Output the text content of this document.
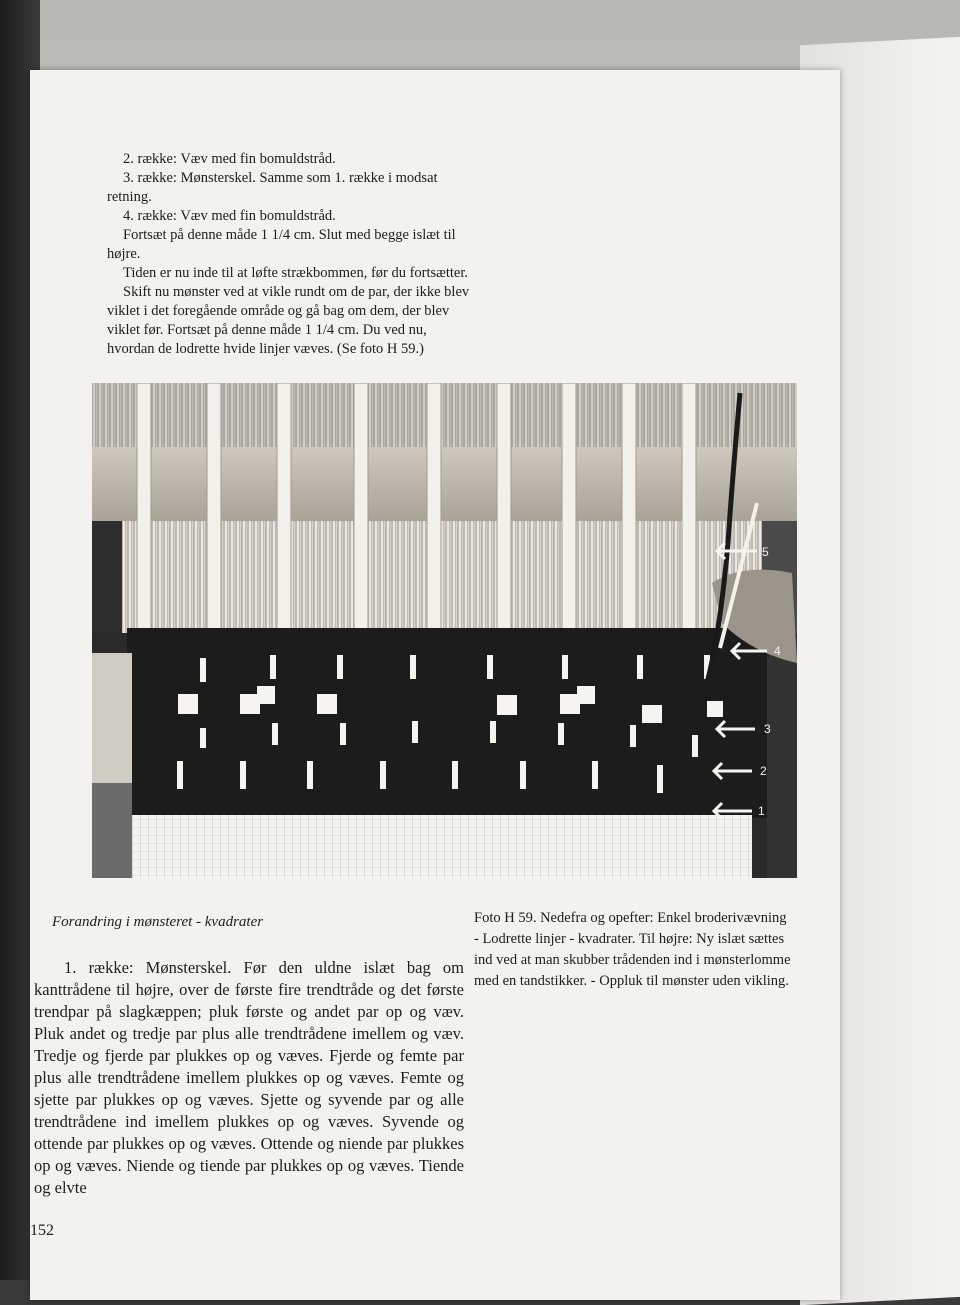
2. række: Væv med fin bomuldstråd.

3. række: Mønsterskel. Samme som 1. række i modsat retning.

4. række: Væv med fin bomuldstråd.

Fortsæt på denne måde 1 1/4 cm. Slut med begge islæt til højre.

Tiden er nu inde til at løfte strækbommen, før du fortsætter.

Skift nu mønster ved at vikle rundt om de par, der ikke blev viklet i det foregående område og gå bag om dem, der blev viklet før. Fortsæt på denne måde 1 1/4 cm. Du ved nu, hvordan de lodrette hvide linjer væves. (Se foto H 59.)

5
4
3
2
1

Forandring i mønsteret - kvadrater

1. række: Mønsterskel. Før den uldne islæt bag om kanttrådene til højre, over de første fire trendtråde og det første trendpar på slagkæppen; pluk første og andet par op og væv. Pluk andet og tredje par plus alle trendtrådene imellem og væv. Tredje og fjerde par plukkes op og væves. Fjerde og femte par plus alle trendtrådene imellem plukkes op og væves. Femte og sjette par plukkes op og væves. Sjette og syvende par og alle trendtrådene ind imellem plukkes op og væves. Syvende og ottende par plukkes op og væves. Ottende og niende par plukkes op og væves. Niende og tiende par plukkes op og væves. Tiende og elvte

Foto H 59. Nedefra og opefter: Enkel broderivævning - Lodrette linjer - kvadrater. Til højre: Ny islæt sættes ind ved at man skubber trådenden ind i mønsterlomme med en tandstikker. - Oppluk til mønster uden vikling.

152
